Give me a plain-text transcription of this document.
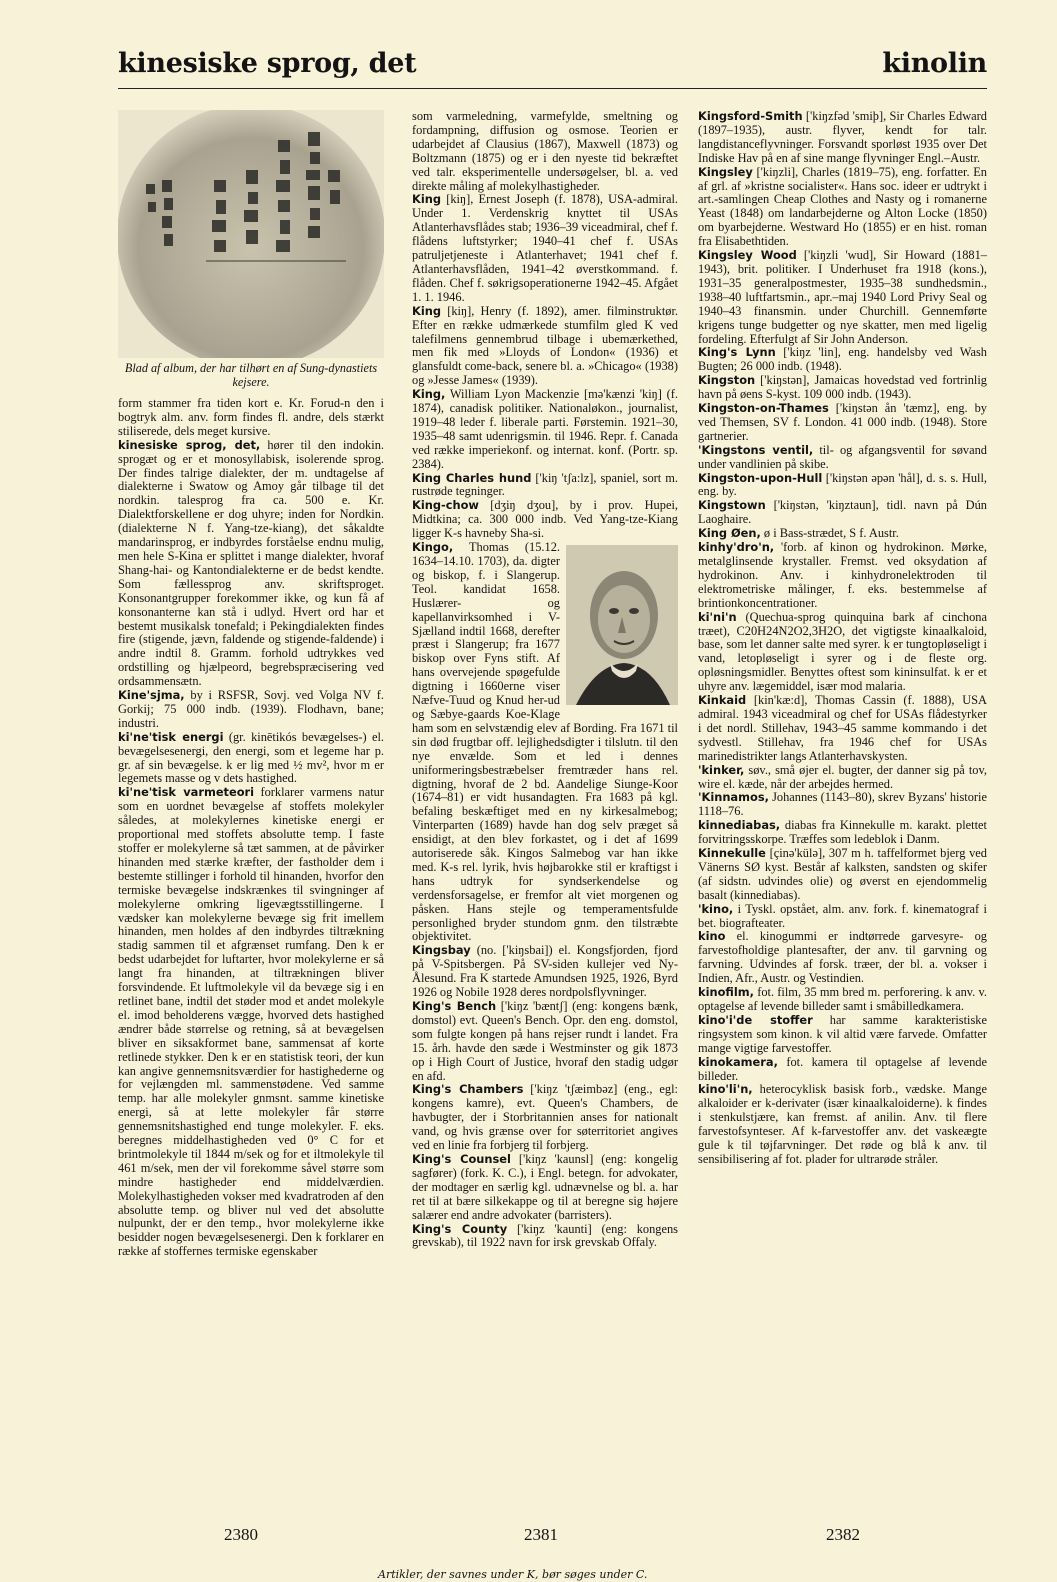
kinesiske sprog, det	kinolin
Blad af album, der har tilhørt en af Sung-dynastiets kejsere.

form stammer fra tiden kort e. Kr. Forud‑n den i bogtryk alm. anv. form findes fl. andre, dels stærkt stiliserede, dels meget kursive.

kinesiske sprog, det, hører til den indokin. sprogæt og er et monosyllabisk, isolerende sprog. Der findes talrige dialekter, der m. undtagelse af dialekterne i Swatow og Amoy går tilbage til det nordkin. talesprog fra ca. 500 e. Kr. Dialektforskellene er dog uhyre; inden for Nordkin. (dialekterne N f. Yang-tze-kiang), det såkaldte mandarinsprog, er indbyrdes forståelse endnu mulig, men hele S-Kina er splittet i mange dialekter, hvoraf Shang-hai- og Kantondialekterne er de bedst kendte. Som fællessprog anv. skriftsproget. Konsonantgrupper forekommer ikke, og kun få af konsonanterne kan stå i udlyd. Hvert ord har et bestemt musikalsk tonefald; i Pekingdialekten findes fire (stigende, jævn, faldende og stigende-faldende) i andre indtil 8. Gramm. forhold udtrykkes ved ordstilling og hjælpeord, begrebspræcisering ved ordsammensætn.

Kine'sjma, by i RSFSR, Sovj. ved Volga NV f. Gorkij; 75 000 indb. (1939). Flodhavn, bane; industri.

ki'ne'tisk energi (gr. kinētikós bevægelses-) el. bevægelsesenergi, den energi, som et legeme har p. gr. af sin bevægelse. k er lig med ½ mv², hvor m er legemets masse og v dets hastighed.

ki'ne'tisk varmeteori forklarer varmens natur som en uordnet bevægelse af stoffets molekyler således, at molekylernes kinetiske energi er proportional med stoffets absolutte temp. I faste stoffer er molekylerne så tæt sammen, at de påvirker hinanden med stærke kræfter, der fastholder dem i bestemte stillinger i forhold til hinanden, hvorfor den termiske bevægelse indskrænkes til svingninger af molekylerne omkring ligevægtsstillingerne. I vædsker kan molekylerne bevæge sig frit imellem hinanden, men holdes af den indbyrdes tiltrækning stadig sammen til et afgrænset rumfang. Den k er bedst udarbejdet for luftarter, hvor molekylerne er så langt fra hinanden, at tiltrækningen bliver forsvindende. Et luftmolekyle vil da bevæge sig i en retlinet bane, indtil det støder mod et andet molekyle el. imod beholderens vægge, hvorved dets hastighed ændrer både størrelse og retning, så at bevægelsen bliver en siksakformet bane, sammensat af korte retlinede stykker. Den k er en statistisk teori, der kun kan angive gennemsnitsværdier for hastighederne og for vejlængden ml. sammenstødene. Ved samme temp. har alle molekyler gnmsnt. samme kinetiske energi, så at lette molekyler får større gennemsnitshastighed end tunge molekyler. F. eks. beregnes middelhastigheden ved 0° C for et brintmolekyle til 1844 m/sek og for et iltmolekyle til 461 m/sek, men der vil forekomme såvel større som mindre hastigheder end middelværdien. Molekylhastigheden vokser med kvadratroden af den absolutte temp. og bliver nul ved det absolutte nulpunkt, der er den temp., hvor molekylerne ikke besidder nogen bevægelsesenergi. Den k forklarer en række af stoffernes termiske egenskaber

som varmeledning, varmefylde, smeltning og fordampning, diffusion og osmose. Teorien er udarbejdet af Clausius (1867), Maxwell (1873) og Boltzmann (1875) og er i den nyeste tid bekræftet ved talr. eksperimentelle undersøgelser, bl. a. ved direkte måling af molekylhastigheder.

King [kiŋ], Ernest Joseph (f. 1878), USA-admiral. Under 1. Verdenskrig knyttet til USAs Atlanterhavsflådes stab; 1936–39 viceadmiral, chef f. flådens luftstyrker; 1940–41 chef f. USAs patruljetjeneste i Atlanterhavet; 1941 chef f. Atlanterhavsflåden, 1941–42 øverstkommand. f. flåden. Chef f. søkrigsoperationerne 1942–45. Afgået 1. 1. 1946.

King [kiŋ], Henry (f. 1892), amer. filminstruktør. Efter en række udmærkede stumfilm gled K ved talefilmens gennembrud tilbage i ubemærkethed, men fik med »Lloyds of London« (1936) et glansfuldt come-back, senere bl. a. »Chicago« (1938) og »Jesse James« (1939).

King, William Lyon Mackenzie [mə'kænzi 'kiŋ] (f. 1874), canadisk politiker. Nationaløkon., journalist, 1919–48 leder f. liberale parti. Førstemin. 1921–30, 1935–48 samt udenrigsmin. til 1946. Repr. f. Canada ved række imperiekonf. og internat. konf. (Portr. sp. 2384).

King Charles hund ['kiŋ 'tʃa:lz], spaniel, sort m. rustrøde tegninger.

King-chow [dʒiŋ dʒou], by i prov. Hupei, Midtkina; ca. 300 000 indb. Ved Yang-tze-Kiang ligger K-s havneby Sha-si.

Kingo, Thomas (15.12. 1634–14.10. 1703), da. digter og biskop, f. i Slangerup. Teol. kandidat 1658. Huslærer- og kapellanvirksomhed i V-Sjælland indtil 1668, derefter præst i Slangerup; fra 1677 biskop over Fyns stift. Af hans overvejende spøgefulde digtning i 1660erne viser Næfve-Tuud og Knud her-ud og Sæbye-gaards Koe-Klage ham som en selvstændig elev af Bording. Fra 1671 til sin død frugtbar off. lejlighedsdigter i tilslutn. til den nye envælde. Som et led i dennes uniformeringsbestræbelser fremtræder hans rel. digtning, hvoraf de 2 bd. Aandelige Siunge-Koor (1674–81) er vidt husandagten. Fra 1683 på kgl. befaling beskæftiget med en ny kirkesalmebog; Vinterparten (1689) havde han dog selv præget så ensidigt, at den blev forkastet, og i det af 1699 autoriserede såk. Kingos Salmebog var han ikke med. K-s rel. lyrik, hvis højbarokke stil er kraftigst i hans udtryk for syndserkendelse og verdensforsagelse, er fremfor alt viet morgenen og påsken. Hans stejle og temperamentsfulde personlighed bryder stundom gnm. den tilstræbte objektivitet.

Kingsbay (no. ['kiŋsbai]) el. Kongsfjorden, fjord på V-Spitsbergen. På SV-siden kullejer ved Ny-Ålesund. Fra K startede Amundsen 1925, 1926, Byrd 1926 og Nobile 1928 deres nordpolsflyvninger.

King's Bench ['kiŋz 'bæntʃ] (eng: kongens bænk, domstol) evt. Queen's Bench. Opr. den eng. domstol, som fulgte kongen på hans rejser rundt i landet. Fra 15. årh. havde den sæde i Westminster og gik 1873 op i High Court of Justice, hvoraf den stadig udgør en afd.

King's Chambers ['kiŋz 'tʃæimbəz] (eng., egl: kongens kamre), evt. Queen's Chambers, de havbugter, der i Storbritannien anses for nationalt vand, og hvis grænse over for søterritoriet angives ved en linie fra forbjerg til forbjerg.

King's Counsel ['kiŋz 'kaunsl] (eng: kongelig sagfører) (fork. K. C.), i Engl. betegn. for advokater, der modtager en særlig kgl. udnævnelse og bl. a. har ret til at bære silkekappe og til at beregne sig højere salærer end andre advokater (barristers).

King's County ['kiŋz 'kaunti] (eng: kongens grevskab), til 1922 navn for irsk grevskab Offaly.

Kingsford-Smith ['kiŋzfəd 'smiþ], Sir Charles Edward (1897–1935), austr. flyver, kendt for talr. langdistanceflyvninger. Forsvandt sporløst 1935 over Det Indiske Hav på en af sine mange flyvninger Engl.–Austr.

Kingsley ['kiŋzli], Charles (1819–75), eng. forfatter. En af grl. af »kristne socialister«. Hans soc. ideer er udtrykt i art.-samlingen Cheap Clothes and Nasty og i romanerne Yeast (1848) om landarbejderne og Alton Locke (1850) om byarbejderne. Westward Ho (1855) er en hist. roman fra Elisabethtiden.

Kingsley Wood ['kiŋzli 'wud], Sir Howard (1881–1943), brit. politiker. I Underhuset fra 1918 (kons.), 1931–35 generalpostmester, 1935–38 sundhedsmin., 1938–40 luftfartsmin., apr.–maj 1940 Lord Privy Seal og 1940–43 finansmin. under Churchill. Gennemførte krigens tunge budgetter og nye skatter, men med ligelig fordeling. Efterfulgt af Sir John Anderson.

King's Lynn ['kiŋz 'lin], eng. handelsby ved Wash Bugten; 26 000 indb. (1948).

Kingston ['kiŋstən], Jamaicas hovedstad ved fortrinlig havn på øens S-kyst. 109 000 indb. (1943).

Kingston-on-Thames ['kiŋstən ån 'tæmz], eng. by ved Themsen, SV f. London. 41 000 indb. (1948). Store gartnerier.

'Kingstons ventil, til- og afgangsventil for søvand under vandlinien på skibe.

Kingston-upon-Hull ['kiŋstən əpən 'hål], d. s. s. Hull, eng. by.

Kingstown ['kiŋstən, 'kiŋztaun], tidl. navn på Dún Laoghaire.

King Øen, ø i Bass-strædet, S f. Austr.

kinhy'dro'n, 'forb. af kinon og hydrokinon. Mørke, metalglinsende krystaller. Fremst. ved oksydation af hydrokinon. Anv. i kinhydronelektroden til elektrometriske målinger, f. eks. bestemmelse af brintionkoncentrationer.

ki'ni'n (Quechua-sprog quinquina bark af cinchona træet), C20H24N2O2,3H2O, det vigtigste kinaalkaloid, base, som let danner salte med syrer. k er tungtopløseligt i vand, letopløseligt i syrer og i de fleste org. opløsningsmidler. Benyttes oftest som kininsulfat. k er et uhyre anv. lægemiddel, især mod malaria.

Kinkaid [kin'kæ:d], Thomas Cassin (f. 1888), USA admiral. 1943 viceadmiral og chef for USAs flådestyrker i det nordl. Stillehav, 1943–45 samme kommando i det sydvestl. Stillehav, fra 1946 chef for USAs marinedistrikter langs Atlanterhavskysten.

'kinker, søv., små øjer el. bugter, der danner sig på tov, wire el. kæde, når der arbejdes hermed.

'Kinnamos, Johannes (1143–80), skrev Byzans' historie 1118–76.

kinnediabas, diabas fra Kinnekulle m. karakt. plettet forvitringsskorpe. Træffes som ledeblok i Danm.

Kinnekulle [çinə'külə], 307 m h. taffelformet bjerg ved Vänerns SØ kyst. Består af kalksten, sandsten og skifer (af sidstn. udvindes olie) og øverst en ejendommelig basalt (kinnediabas).

'kino, i Tyskl. opstået, alm. anv. fork. f. kinematograf i bet. biografteater.

kino el. kinogummi er indtørrede garvesyre- og farvestofholdige plantesafter, der anv. til garvning og farvning. Udvindes af forsk. træer, der bl. a. vokser i Indien, Afr., Austr. og Vestindien.

kinofilm, fot. film, 35 mm bred m. perforering. k anv. v. optagelse af levende billeder samt i småbilledkamera.

kino'i'de stoffer har samme karakteristiske ringsystem som kinon. k vil altid være farvede. Omfatter mange vigtige farvestoffer.

kinokamera, fot. kamera til optagelse af levende billeder.

kino'li'n, heterocyklisk basisk forb., vædske. Mange alkaloider er k-derivater (især kinaalkaloiderne). k findes i stenkulstjære, kan fremst. af anilin. Anv. til flere farvestofsynteser. Af k-farvestoffer anv. det vaskeægte gule k til tøjfarvninger. Det røde og blå k anv. til sensibilisering af fot. plader for ultrarøde stråler.

2380	2381	2382
Artikler, der savnes under K, bør søges under C.
